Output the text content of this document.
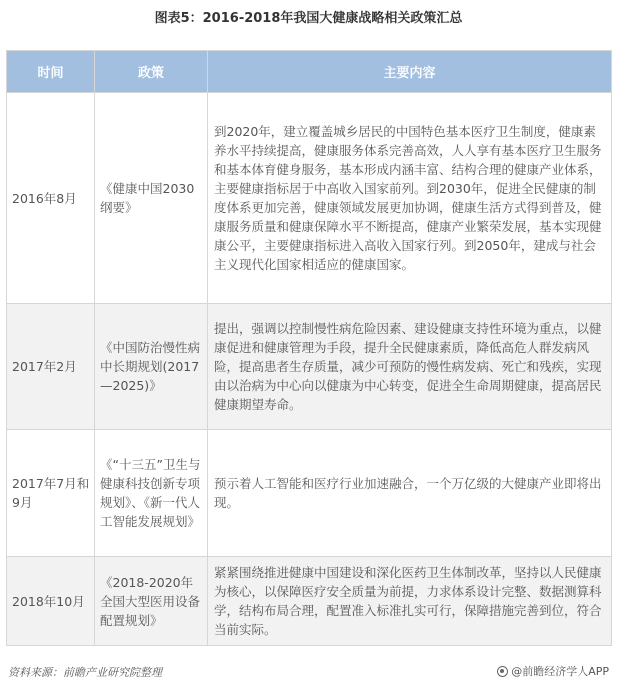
图表5：2016-2018年我国大健康战略相关政策汇总
时间	政策	主要内容
2016年8月	《健康中国2030纲要》	到2020年，建立覆盖城乡居民的中国特色基本医疗卫生制度，健康素养水平持续提高，健康服务体系完善高效，人人享有基本医疗卫生服务和基本体育健身服务，基本形成内涵丰富、结构合理的健康产业体系，主要健康指标居于中高收入国家前列。到2030年，促进全民健康的制度体系更加完善，健康领域发展更加协调，健康生活方式得到普及，健康服务质量和健康保障水平不断提高，健康产业繁荣发展，基本实现健康公平，主要健康指标进入高收入国家行列。到2050年，建成与社会主义现代化国家相适应的健康国家。
2017年2月	《中国防治慢性病中长期规划(2017—2025)》	提出，强调以控制慢性病危险因素、建设健康支持性环境为重点，以健康促进和健康管理为手段，提升全民健康素质，降低高危人群发病风险，提高患者生存质量，减少可预防的慢性病发病、死亡和残疾，实现由以治病为中心向以健康为中心转变，促进全生命周期健康，提高居民健康期望寿命。
2017年7月和9月	《“十三五”卫生与健康科技创新专项规划》、《新一代人工智能发展规划》	预示着人工智能和医疗行业加速融合，一个万亿级的大健康产业即将出现。
2018年10月	《2018-2020年全国大型医用设备配置规划》	紧紧围绕推进健康中国建设和深化医药卫生体制改革，坚持以人民健康为核心，以保障医疗安全质量为前提，力求体系设计完整、数据测算科学，结构布局合理，配置准入标准扎实可行，保障措施完善到位，符合当前实际。
资料来源：前瞻产业研究院整理	@前瞻经济学人APP
